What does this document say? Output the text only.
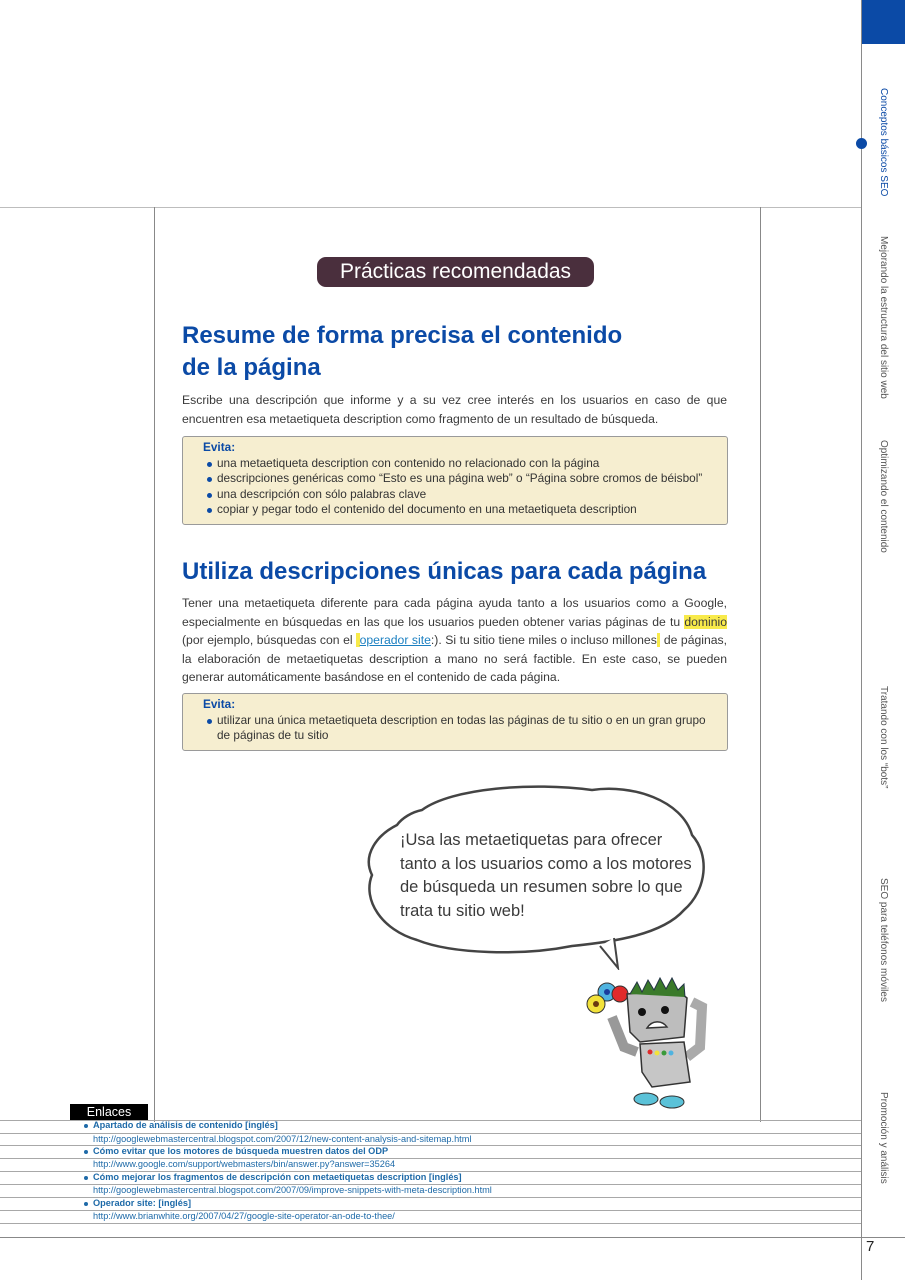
Conceptos básicos SEO
Mejorando la estructura del sitio web
Optimizando el contenido
Tratando con los “bots”
SEO para teléfonos móviles
Promoción y análisis
Prácticas recomendadas
Resume de forma precisa el contenido
de la página

Escribe una descripción que informe y a su vez cree interés en los usuarios en caso de que encuentren esa metaetiqueta description como fragmento de un resultado de búsqueda.

Evita:
una metaetiqueta description con contenido no relacionado con la página
descripciones genéricas como “Esto es una página web” o “Página sobre cromos de béisbol”
una descripción con sólo palabras clave
copiar y pegar todo el contenido del documento en una metaetiqueta description
Utiliza descripciones únicas para cada página

Tener una metaetiqueta diferente para cada página ayuda tanto a los usuarios como a Google, especialmente en búsquedas en las que los usuarios pueden obtener varias páginas de tu dominio (por ejemplo, búsquedas con el  operador site:). Si tu sitio tiene miles o incluso millones  de páginas, la elaboración de metaetiquetas description a mano no será factible. En este caso, se pueden generar automáticamente basándose en el contenido de cada página.

Evita:
utilizar una única metaetiqueta description en todas las páginas de tu sitio o en un gran grupo de páginas de tu sitio
¡Usa las metaetiquetas para ofrecer tanto a los usuarios como a los motores de búsqueda un resumen sobre lo que trata tu sitio web!
Enlaces
Apartado de análisis de contenido [inglés]
http://googlewebmastercentral.blogspot.com/2007/12/new-content-analysis-and-sitemap.html
Cómo evitar que los motores de búsqueda muestren datos del ODP
http://www.google.com/support/webmasters/bin/answer.py?answer=35264
Cómo mejorar los fragmentos de descripción con metaetiquetas description [inglés]
http://googlewebmastercentral.blogspot.com/2007/09/improve-snippets-with-meta-description.html
Operador site: [inglés]
http://www.brianwhite.org/2007/04/27/google-site-operator-an-ode-to-thee/
7
